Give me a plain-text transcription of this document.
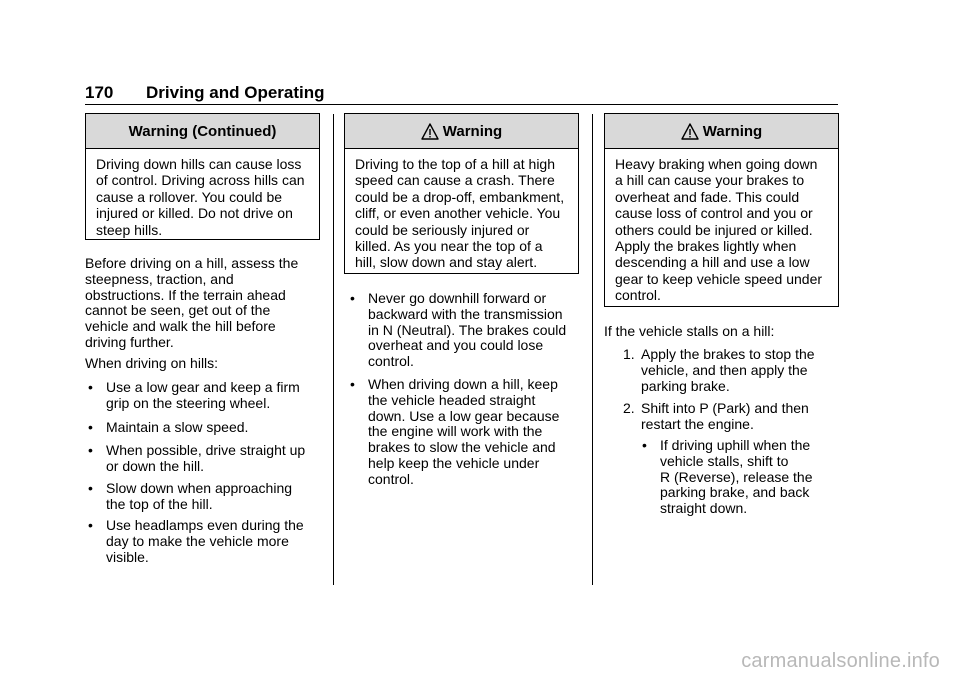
170 Driving and Operating
Warning (Continued)
Driving down hills can cause loss
of control. Driving across hills can
cause a rollover. You could be
injured or killed. Do not drive on
steep hills.
Before driving on a hill, assess the
steepness, traction, and
obstructions. If the terrain ahead
cannot be seen, get out of the
vehicle and walk the hill before
driving further.
When driving on hills:
• Use a low gear and keep a firm
grip on the steering wheel.
• Maintain a slow speed.
• When possible, drive straight up
or down the hill.
• Slow down when approaching
the top of the hill.
• Use headlamps even during the
day to make the vehicle more
visible.
Warning
Driving to the top of a hill at high
speed can cause a crash. There
could be a drop-off, embankment,
cliff, or even another vehicle. You
could be seriously injured or
killed. As you near the top of a
hill, slow down and stay alert.
• Never go downhill forward or
backward with the transmission
in N (Neutral). The brakes could
overheat and you could lose
control.
• When driving down a hill, keep
the vehicle headed straight
down. Use a low gear because
the engine will work with the
brakes to slow the vehicle and
help keep the vehicle under
control.
Warning
Heavy braking when going down
a hill can cause your brakes to
overheat and fade. This could
cause loss of control and you or
others could be injured or killed.
Apply the brakes lightly when
descending a hill and use a low
gear to keep vehicle speed under
control.
If the vehicle stalls on a hill:
1. Apply the brakes to stop the
vehicle, and then apply the
parking brake.
2. Shift into P (Park) and then
restart the engine.
• If driving uphill when the
vehicle stalls, shift to
R (Reverse), release the
parking brake, and back
straight down.
carmanualsonline.info
